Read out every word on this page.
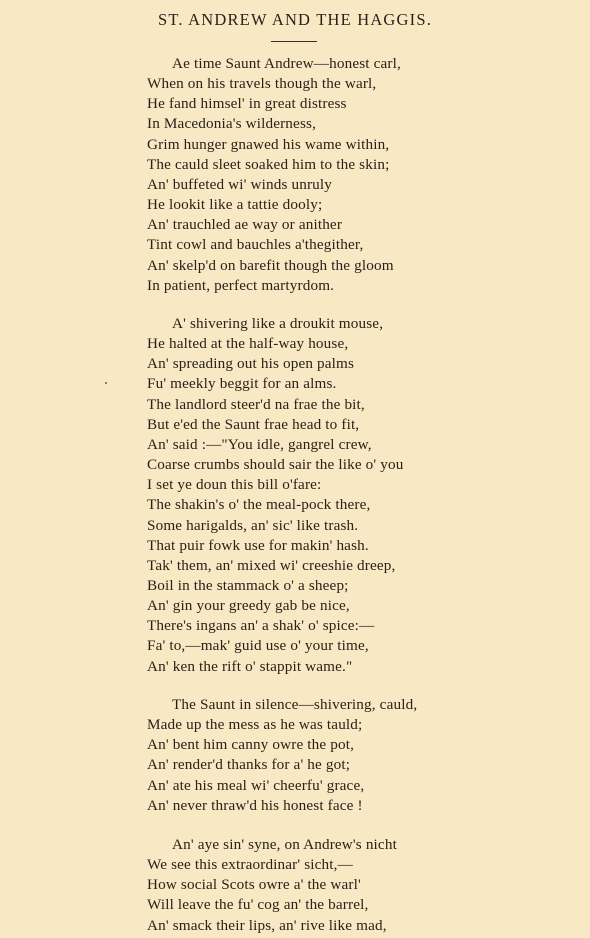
ST. ANDREW AND THE HAGGIS.
Ae time Saunt Andrew—honest carl,
When on his travels though the warl,
He fand himsel' in great distress
In Macedonia's wilderness,
Grim hunger gnawed his wame within,
The cauld sleet soaked him to the skin;
An' buffeted wi' winds unruly
He lookit like a tattie dooly;
An' trauchled ae way or anither
Tint cowl and bauchles a'thegither,
An' skelp'd on barefit though the gloom
In patient, perfect martyrdom.
A' shivering like a droukit mouse,
He halted at the half-way house,
An' spreading out his open palms
Fu' meekly beggit for an alms.
The landlord steer'd na frae the bit,
But e'ed the Saunt frae head to fit,
An' said :—"You idle, gangrel crew,
Coarse crumbs should sair the like o' you
I set ye doun this bill o'fare:
The shakin's o' the meal-pock there,
Some harigalds, an' sic' like trash.
That puir fowk use for makin' hash.
Tak' them, an' mixed wi' creeshie dreep,
Boil in the stammack o' a sheep;
An' gin your greedy gab be nice,
There's ingans an' a shak' o' spice:—
Fa' to,—mak' guid use o' your time,
An' ken the rift o' stappit wame."
The Saunt in silence—shivering, cauld,
Made up the mess as he was tauld;
An' bent him canny owre the pot,
An' render'd thanks for a' he got;
An' ate his meal wi' cheerfu' grace,
An' never thraw'd his honest face !
An' aye sin' syne, on Andrew's nicht
We see this extraordinar' sicht,—
How social Scots owre a' the warl'
Will leave the fu' cog an' the barrel,
An' smack their lips, an' rive like mad,
